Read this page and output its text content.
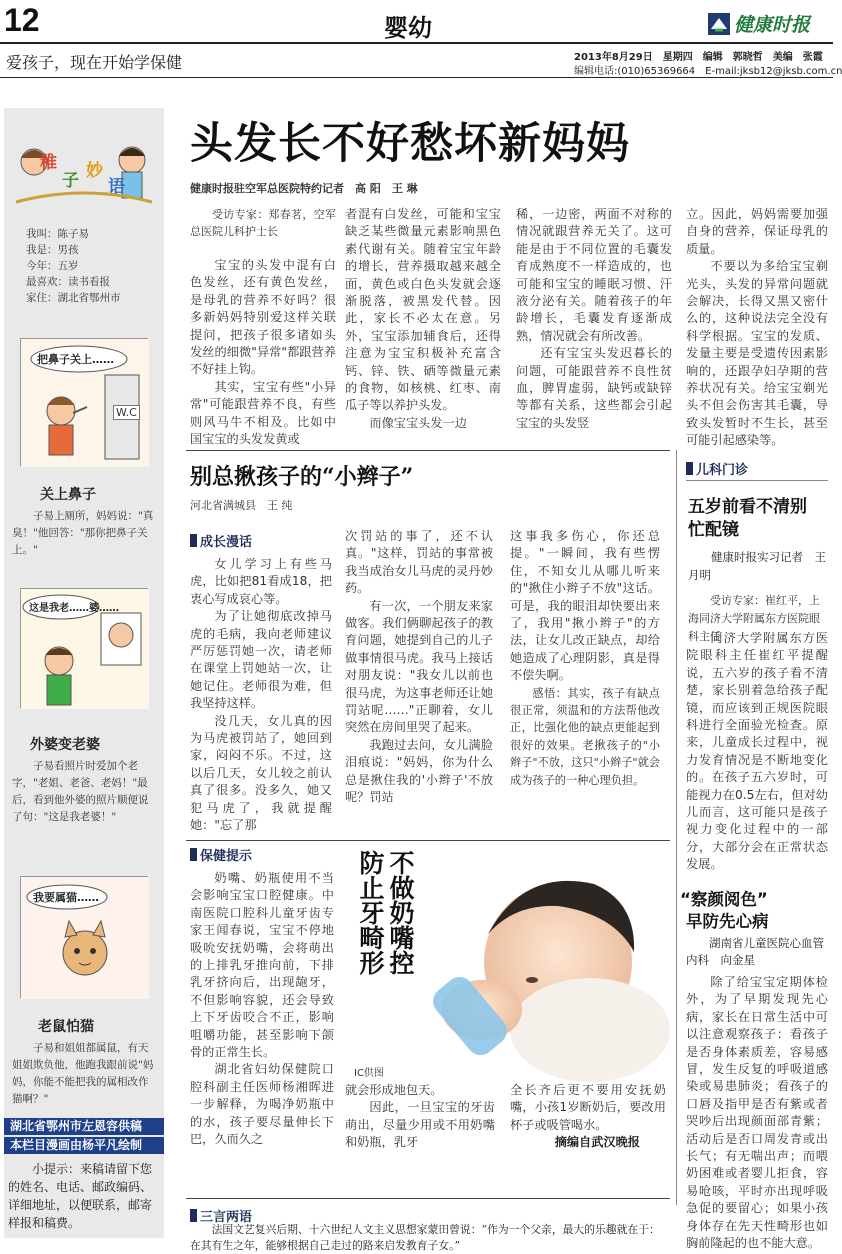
12	婴幼	健康时报
爱孩子，现在开始学保健	2013年8月29日　星期四　编辑　郭晓哲　美编　张霞
编辑电话:(010)65369664　E-mail:jksb12@jksb.com.cn
稚
子 妙
语
我叫：陈子易
我是：男孩
今年：五岁
最喜欢：读书看报
家住：湖北省鄂州市
把鼻子关上……
W.C
关上鼻子
子易上厕所，妈妈说："真臭！"他回答："那你把鼻子关上。"
这是我老……婆……
外婆变老婆
子易看照片时爱加个老字，"老姐、老爸、老妈！"最后，看到他外婆的照片顺便说了句："这是我老婆！"
我要属猫……
老鼠怕猫
子易和姐姐都属鼠，有天姐姐欺负他，他跑我跟前说"妈妈，你能不能把我的属相改作猫啊？"
湖北省鄂州市左恩容供稿
本栏目漫画由杨平凡绘制
小提示：来稿请留下您的姓名、电话、邮政编码、详细地址，以便联系，邮寄样报和稿费。
头发长不好愁坏新妈妈
健康时报驻空军总医院特约记者　高 阳　王 琳
受访专家：郑春茗，空军总医院儿科护士长

宝宝的头发中混有白色发丝，还有黄色发丝，是母乳的营养不好吗？很多新妈妈特别爱这样关联提问，把孩子很多诸如头发丝的细微"异常"都跟营养不好挂上钩。

其实，宝宝有些"小异常"可能跟营养不良，有些则风马牛不相及。比如中国宝宝的头发发黄或

者混有白发丝，可能和宝宝缺乏某些微量元素影响黑色素代谢有关。随着宝宝年龄的增长，营养摄取越来越全面，黄色或白色头发就会逐渐脱落，被黑发代替。因此，家长不必太在意。另外，宝宝添加辅食后，还得注意为宝宝积极补充富含钙、锌、铁、硒等微量元素的食物，如核桃、红枣、南瓜子等以养护头发。

而像宝宝头发一边

稀，一边密，两面不对称的情况就跟营养无关了。这可能是由于不同位置的毛囊发育成熟度不一样造成的，也可能和宝宝的睡眠习惯、汗液分泌有关。随着孩子的年龄增长，毛囊发育逐渐成熟，情况就会有所改善。

还有宝宝头发迟暮长的问题，可能跟营养不良性贫血，脾胃虚弱，缺钙或缺锌等都有关系，这些都会引起宝宝的头发竖

立。因此，妈妈需要加强自身的营养，保证母乳的质量。

不要以为多给宝宝剃光头，头发的异常问题就会解决，长得又黑又密什么的，这种说法完全没有科学根据。宝宝的发质、发量主要是受遗传因素影响的，还跟孕妇孕期的营养状况有关。给宝宝剃光头不但会伤害其毛囊，导致头发暂时不生长，甚至可能引起感染等。

别总揪孩子的“小辫子”
河北省满城县　王 纯
成长漫话

女儿学习上有些马虎，比如把81看成18，把衷心写成哀心等。

为了让她彻底改掉马虎的毛病，我向老师建议严厉惩罚她一次，请老师在课堂上罚她站一次，让她记住。老师很为难，但我坚持这样。

没几天，女儿真的因为马虎被罚站了，她回到家，闷闷不乐。不过，这以后几天，女儿较之前认真了很多。没多久，她又犯马虎了，我就提醒她："忘了那

次罚站的事了，还不认真。"这样，罚站的事常被我当成治女儿马虎的灵丹妙药。

有一次，一个朋友来家做客。我们俩聊起孩子的教育问题，她提到自己的儿子做事情很马虎。我马上接话对朋友说："我女儿以前也很马虎，为这事老师还让她罚站呢……"正聊着，女儿突然在房间里哭了起来。

我跑过去问，女儿满脸泪痕说："妈妈，你为什么总是揪住我的'小辫子'不放呢？罚站

这事我多伤心，你还总提。"一瞬间，我有些愣住，不知女儿从哪儿听来的"揪住小辫子不放"这话。可是，我的眼泪却快要出来了，我用"揪小辫子"的方法，让女儿改正缺点，却给她造成了心理阴影，真是得不偿失啊。

感悟：其实，孩子有缺点很正常，须温和的方法帮他改正，比强化他的缺点更能起到很好的效果。老揪孩子的"小辫子"不放，这只"小辫子"就会成为孩子的一种心理负担。

保健提示	不做奶嘴控
防止牙畸形
IC供图

奶嘴、奶瓶使用不当会影响宝宝口腔健康。中南医院口腔科儿童牙齿专家王闻春说，宝宝不停地吸吮安抚奶嘴，会将萌出的上排乳牙推向前，下排乳牙挤向后，出现龅牙，不但影响容貌，还会导致上下牙齿咬合不正，影响咀嚼功能，甚至影响下颌骨的正常生长。

湖北省妇幼保健院口腔科副主任医师杨湘晖进一步解释，为喝净奶瓶中的水，孩子要尽量伸长下巴，久而久之

就会形成地包天。

因此，一旦宝宝的牙齿萌出，尽量少用或不用奶嘴和奶瓶，乳牙

全长齐后更不要用安抚奶嘴，小孩1岁断奶后，要改用杯子或吸管喝水。

摘编自武汉晚报

儿科门诊
五岁前看不清别忙配镜
健康时报实习记者　王月明
受访专家：崔红平，上海同济大学附属东方医院眼科主任

同济大学附属东方医院眼科主任崔红平提醒说，五六岁的孩子看不清楚，家长别着急给孩子配镜，而应该到正规医院眼科进行全面验光检查。原来，儿童成长过程中，视力发育情况是不断地变化的。在孩子五六岁时，可能视力在0.5左右，但对幼儿而言，这可能只是孩子视力变化过程中的一部分，大部分会在正常状态发展。

“察颜阅色”
早防先心病
湖南省儿童医院心血管内科　向金星

除了给宝宝定期体检外，为了早期发现先心病，家长在日常生活中可以注意观察孩子：看孩子是否身体素质差，容易感冒，发生反复的呼吸道感染或易患肺炎；看孩子的口唇及指甲是否有紫或者哭吵后出现颜面部青紫；活动后是否口周发青或出长气；有无喘出声；而喂奶困难或者婴儿拒食，容易呛咳，平时亦出现呼吸急促的要留心；如果小孩身体存在先天性畸形也如胸前隆起的也不能大意。

三言两语
法国文艺复兴后期、十六世纪人文主义思想家蒙田曾说：“作为一个父亲，最大的乐趣就在于：在其有生之年，能够根据自己走过的路来启发教育子女。”
